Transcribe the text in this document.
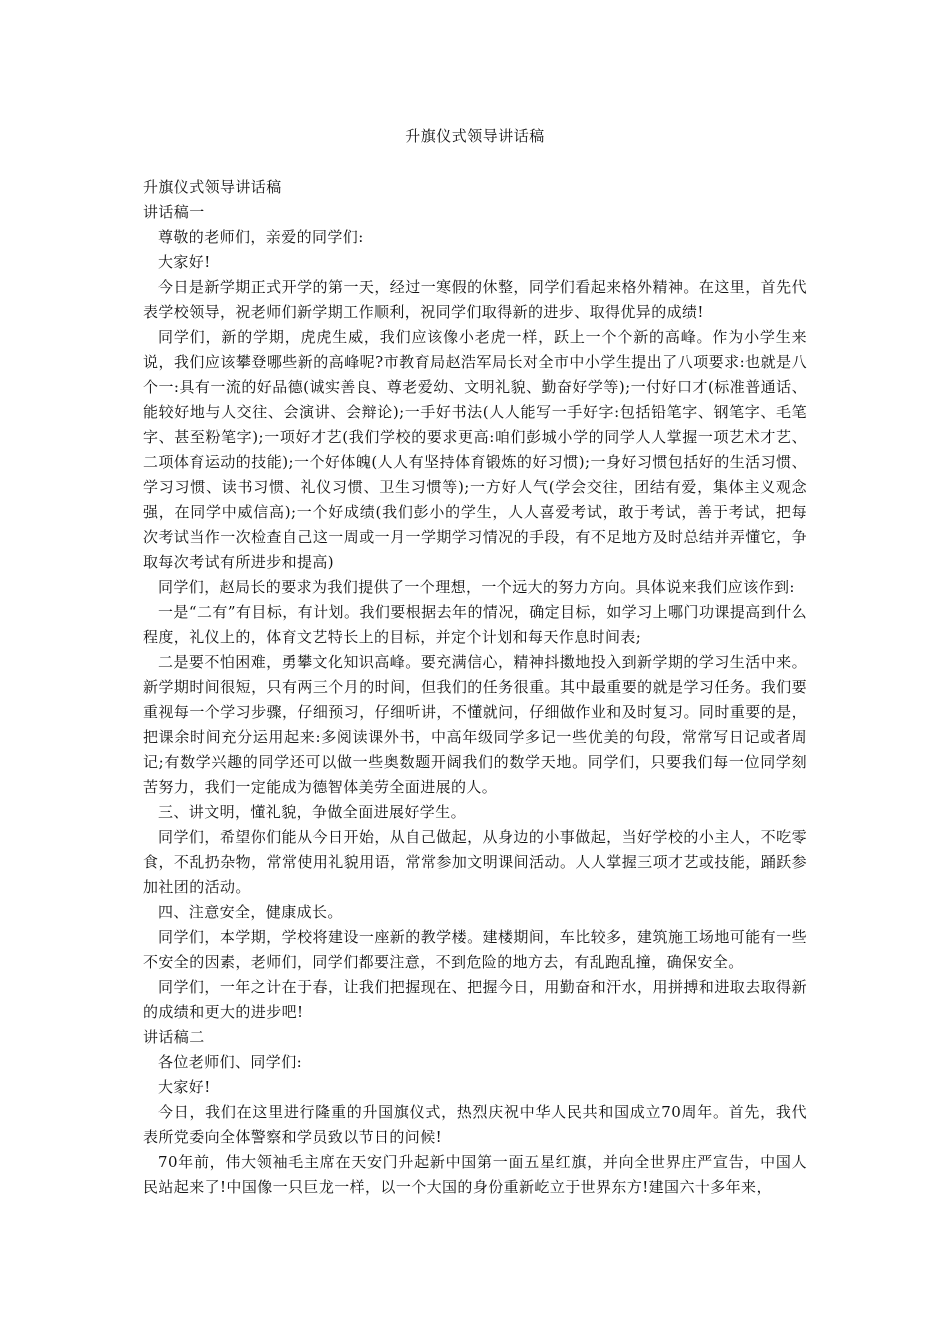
升旗仪式领导讲话稿

升旗仪式领导讲话稿

讲话稿一

尊敬的老师们，亲爱的同学们:

大家好!

今日是新学期正式开学的第一天，经过一寒假的休整，同学们看起来格外精神。在这里，首先代表学校领导，祝老师们新学期工作顺利，祝同学们取得新的进步、取得优异的成绩!

同学们，新的学期，虎虎生威，我们应该像小老虎一样，跃上一个个新的高峰。作为小学生来说，我们应该攀登哪些新的高峰呢?市教育局赵浩军局长对全市中小学生提出了八项要求:也就是八个一:具有一流的好品德(诚实善良、尊老爱幼、文明礼貌、勤奋好学等);一付好口才(标准普通话、能较好地与人交往、会演讲、会辩论);一手好书法(人人能写一手好字:包括铅笔字、钢笔字、毛笔字、甚至粉笔字);一项好才艺(我们学校的要求更高:咱们彭城小学的同学人人掌握一项艺术才艺、二项体育运动的技能);一个好体魄(人人有坚持体育锻炼的好习惯);一身好习惯包括好的生活习惯、学习习惯、读书习惯、礼仪习惯、卫生习惯等);一方好人气(学会交往，团结有爱，集体主义观念强，在同学中威信高);一个好成绩(我们彭小的学生，人人喜爱考试，敢于考试，善于考试，把每次考试当作一次检查自己这一周或一月一学期学习情况的手段，有不足地方及时总结并弄懂它，争取每次考试有所进步和提高)

同学们，赵局长的要求为我们提供了一个理想，一个远大的努力方向。具体说来我们应该作到:

一是“二有”有目标，有计划。我们要根据去年的情况，确定目标，如学习上哪门功课提高到什么程度，礼仪上的，体育文艺特长上的目标，并定个计划和每天作息时间表;

二是要不怕困难，勇攀文化知识高峰。要充满信心，精神抖擞地投入到新学期的学习生活中来。新学期时间很短，只有两三个月的时间，但我们的任务很重。其中最重要的就是学习任务。我们要重视每一个学习步骤，仔细预习，仔细听讲，不懂就问，仔细做作业和及时复习。同时重要的是，把课余时间充分运用起来:多阅读课外书，中高年级同学多记一些优美的句段，常常写日记或者周记;有数学兴趣的同学还可以做一些奥数题开阔我们的数学天地。同学们，只要我们每一位同学刻苦努力，我们一定能成为德智体美劳全面进展的人。

三、讲文明，懂礼貌，争做全面进展好学生。

同学们，希望你们能从今日开始，从自己做起，从身边的小事做起，当好学校的小主人，不吃零食，不乱扔杂物，常常使用礼貌用语，常常参加文明课间活动。人人掌握三项才艺或技能，踊跃参加社团的活动。

四、注意安全，健康成长。

同学们，本学期，学校将建设一座新的教学楼。建楼期间，车比较多，建筑施工场地可能有一些不安全的因素，老师们，同学们都要注意，不到危险的地方去，有乱跑乱撞，确保安全。

同学们，一年之计在于春，让我们把握现在、把握今日，用勤奋和汗水，用拼搏和进取去取得新的成绩和更大的进步吧!

讲话稿二

各位老师们、同学们:

大家好!

今日，我们在这里进行隆重的升国旗仪式，热烈庆祝中华人民共和国成立70周年。首先，我代表所党委向全体警察和学员致以节日的问候!

70年前，伟大领袖毛主席在天安门升起新中国第一面五星红旗，并向全世界庄严宣告，中国人民站起来了!中国像一只巨龙一样，以一个大国的身份重新屹立于世界东方!建国六十多年来，
